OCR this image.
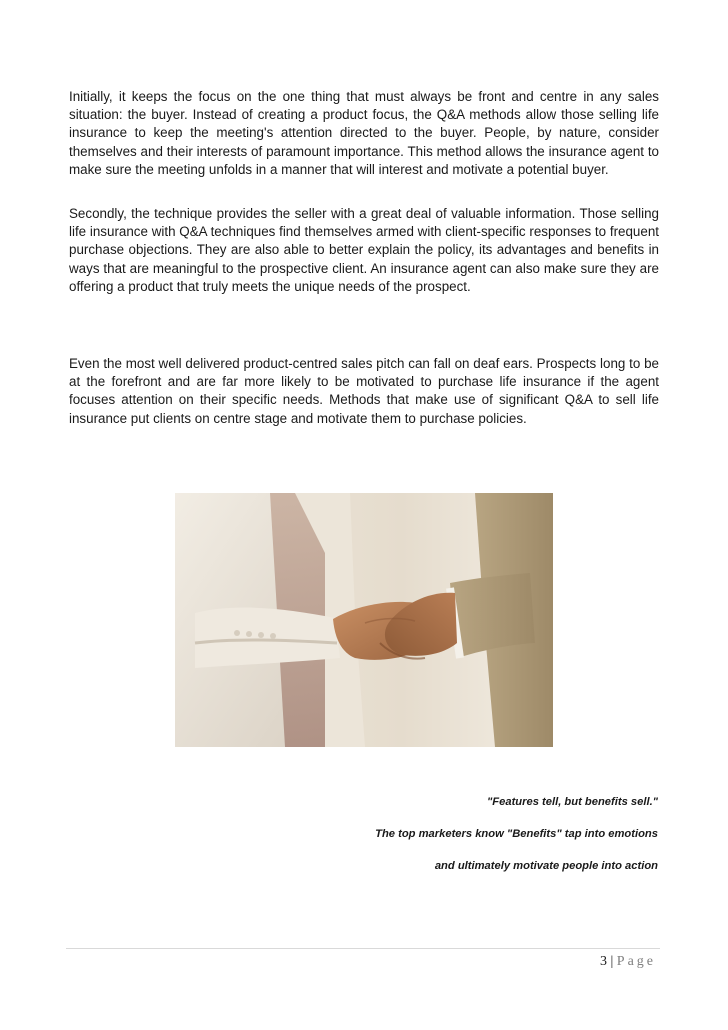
Initially, it keeps the focus on the one thing that must always be front and centre in any sales situation: the buyer. Instead of creating a product focus, the Q&A methods allow those selling life insurance to keep the meeting's attention directed to the buyer. People, by nature, consider themselves and their interests of paramount importance. This method allows the insurance agent to make sure the meeting unfolds in a manner that will interest and motivate a potential buyer.

Secondly, the technique provides the seller with a great deal of valuable information. Those selling life insurance with Q&A techniques find themselves armed with client-specific responses to frequent purchase objections. They are also able to better explain the policy, its advantages and benefits in ways that are meaningful to the prospective client. An insurance agent can also make sure they are offering a product that truly meets the unique needs of the prospect.

Even the most well delivered product-centred sales pitch can fall on deaf ears. Prospects long to be at the forefront and are far more likely to be motivated to purchase life insurance if the agent focuses attention on their specific needs. Methods that make use of significant Q&A to sell life insurance put clients on centre stage and motivate them to purchase policies.

"Features tell, but benefits sell."

The top marketers know "Benefits" tap into emotions

and ultimately motivate people into action

3 | Page
